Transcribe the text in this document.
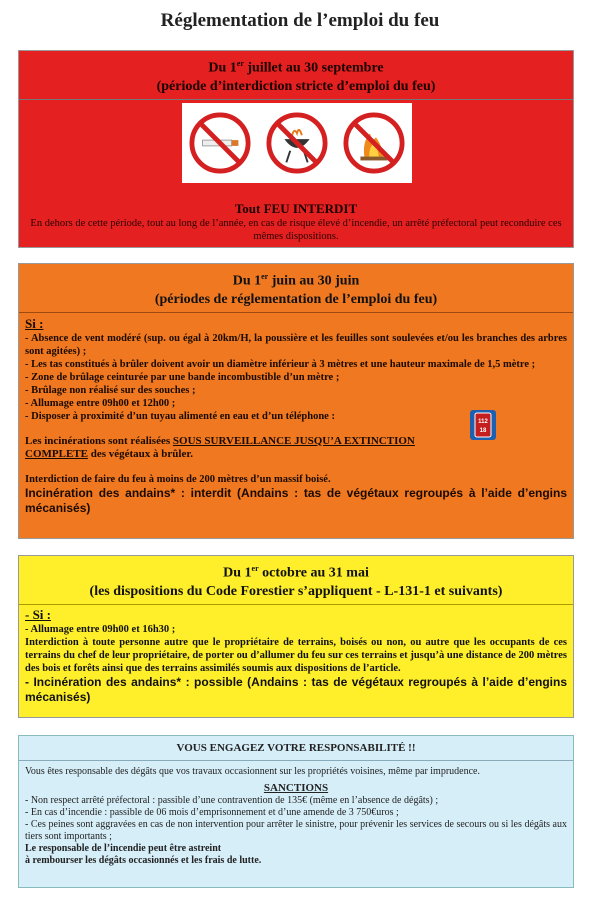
Réglementation de l’emploi du feu
Du 1er juillet au 30 septembre
(période d’interdiction stricte d’emploi du feu)
Tout FEU INTERDIT
En dehors de cette période, tout au long de l’année, en cas de risque élevé d’incendie, un arrêté préfectoral peut reconduire ces mêmes dispositions.
Du 1er juin au 30 juin
(périodes de réglementation de l’emploi du feu)
Si :

- Absence de vent modéré (sup. ou égal à 20km/H, la poussière et les feuilles sont soulevées et/ou les branches des arbres sont agitées) ;

- Les tas constitués à brûler doivent avoir un diamètre inférieur à 3 mètres et une hauteur maximale de 1,5 mètre ;

- Zone de brûlage ceinturée par une bande incombustible d’un mètre ;

- Brûlage non réalisé sur des souches ;

- Allumage entre 09h00 et 12h00 ;

- Disposer à proximité d’un tuyau alimenté en eau et d’un téléphone :

Les incinérations sont réalisées SOUS SURVEILLANCE JUSQU’A EXTINCTION
COMPLETE des végétaux à brûler.

Interdiction de faire du feu à moins de 200 mètres d’un massif boisé.

Incinération des andains* : interdit (Andains : tas de végétaux regroupés à l’aide d’engins mécanisés)

112
18
Du 1er octobre au 31 mai
(les dispositions du Code Forestier s’appliquent - L-131-1 et suivants)
- Si :

- Allumage entre 09h00 et 16h30 ;

Interdiction à toute personne autre que le propriétaire de terrains, boisés ou non, ou autre que les occupants de ces terrains du chef de leur propriétaire, de porter ou d’allumer du feu sur ces terrains et jusqu’à une distance de 200 mètres des bois et forêts ainsi que des terrains assimilés soumis aux dispositions de l’article.

- Incinération des andains* : possible (Andains : tas de végétaux regroupés à l’aide d’engins mécanisés)

VOUS ENGAGEZ VOTRE RESPONSABILITÉ !!

Vous êtes responsable des dégâts que vos travaux occasionnent sur les propriétés voisines, même par imprudence.

SANCTIONS

- Non respect arrêté préfectoral : passible d’une contravention de 135€ (même en l’absence de dégâts) ;

- En cas d’incendie : passible de 06 mois d’emprisonnement et d’une amende de 3 750€uros ;

- Ces peines sont aggravées en cas de non intervention pour arrêter le sinistre, pour prévenir les services de secours ou si les dégâts aux tiers sont importants ;

Le responsable de l’incendie peut être astreint

à rembourser les dégâts occasionnés et les frais de lutte.
